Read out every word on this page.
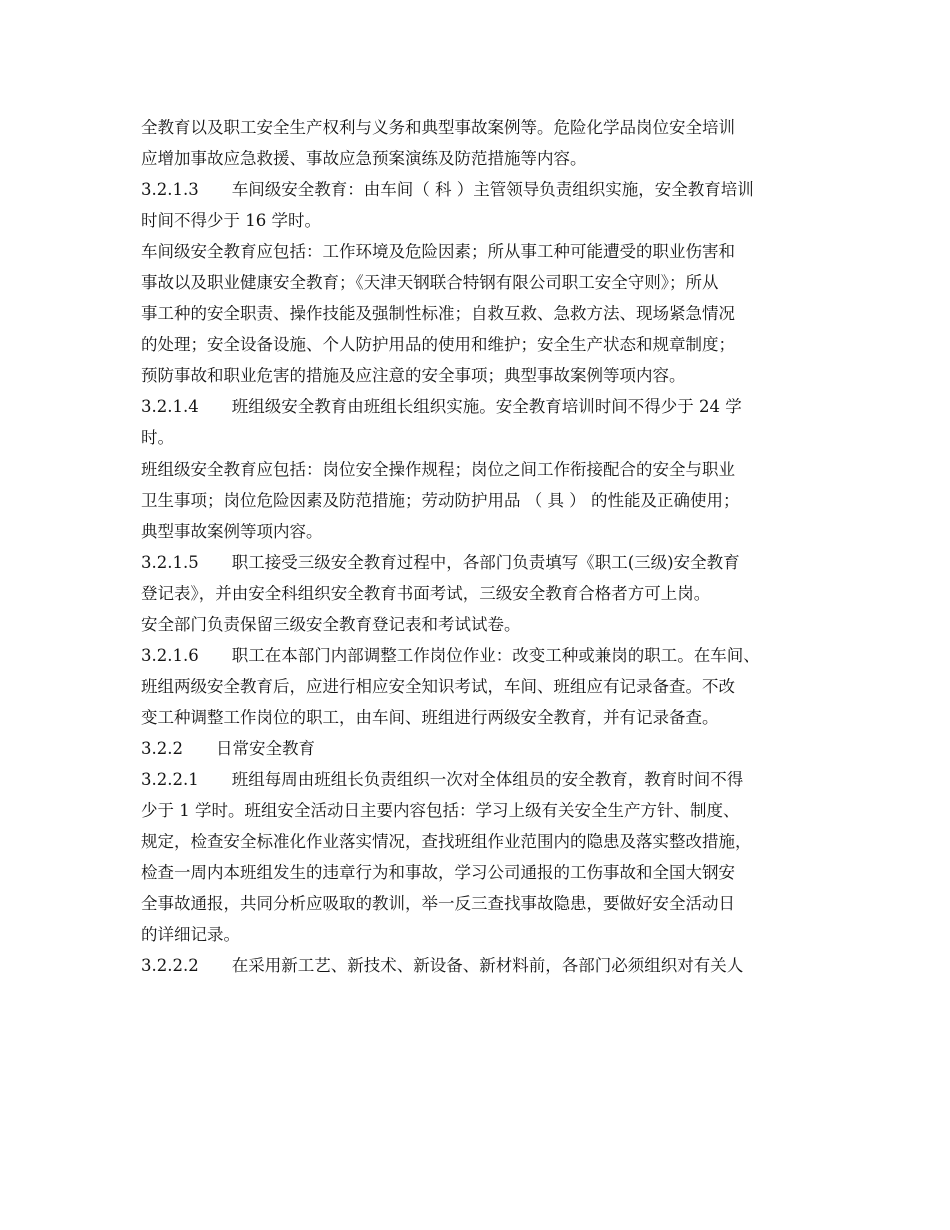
全教育以及职工安全生产权利与义务和典型事故案例等。危险化学品岗位安全培训
应增加事故应急救援、事故应急预案演练及防范措施等内容。
3.2.1.3　　车间级安全教育：由车间（ 科 ）主管领导负责组织实施，安全教育培训
时间不得少于 16 学时。
车间级安全教育应包括：工作环境及危险因素；所从事工种可能遭受的职业伤害和
事故以及职业健康安全教育；《天津天钢联合特钢有限公司职工安全守则》；所从
事工种的安全职责、操作技能及强制性标准；自救互救、急救方法、现场紧急情况
的处理；安全设备设施、个人防护用品的使用和维护；安全生产状态和规章制度；
预防事故和职业危害的措施及应注意的安全事项；典型事故案例等项内容。
3.2.1.4　　班组级安全教育由班组长组织实施。安全教育培训时间不得少于 24 学
时。
班组级安全教育应包括：岗位安全操作规程；岗位之间工作衔接配合的安全与职业
卫生事项；岗位危险因素及防范措施；劳动防护用品 （ 具 ） 的性能及正确使用；
典型事故案例等项内容。
3.2.1.5　　职工接受三级安全教育过程中，各部门负责填写《职工(三级)安全教育
登记表》，并由安全科组织安全教育书面考试，三级安全教育合格者方可上岗。
安全部门负责保留三级安全教育登记表和考试试卷。
3.2.1.6　　职工在本部门内部调整工作岗位作业：改变工种或兼岗的职工。在车间、
班组两级安全教育后，应进行相应安全知识考试，车间、班组应有记录备查。不改
变工种调整工作岗位的职工，由车间、班组进行两级安全教育，并有记录备查。
3.2.2　　日常安全教育
3.2.2.1　　班组每周由班组长负责组织一次对全体组员的安全教育，教育时间不得
少于 1 学时。班组安全活动日主要内容包括：学习上级有关安全生产方针、制度、
规定，检查安全标准化作业落实情况，查找班组作业范围内的隐患及落实整改措施，
检查一周内本班组发生的违章行为和事故，学习公司通报的工伤事故和全国大钢安
全事故通报，共同分析应吸取的教训，举一反三查找事故隐患，要做好安全活动日
的详细记录。
3.2.2.2　　在采用新工艺、新技术、新设备、新材料前，各部门必须组织对有关人
